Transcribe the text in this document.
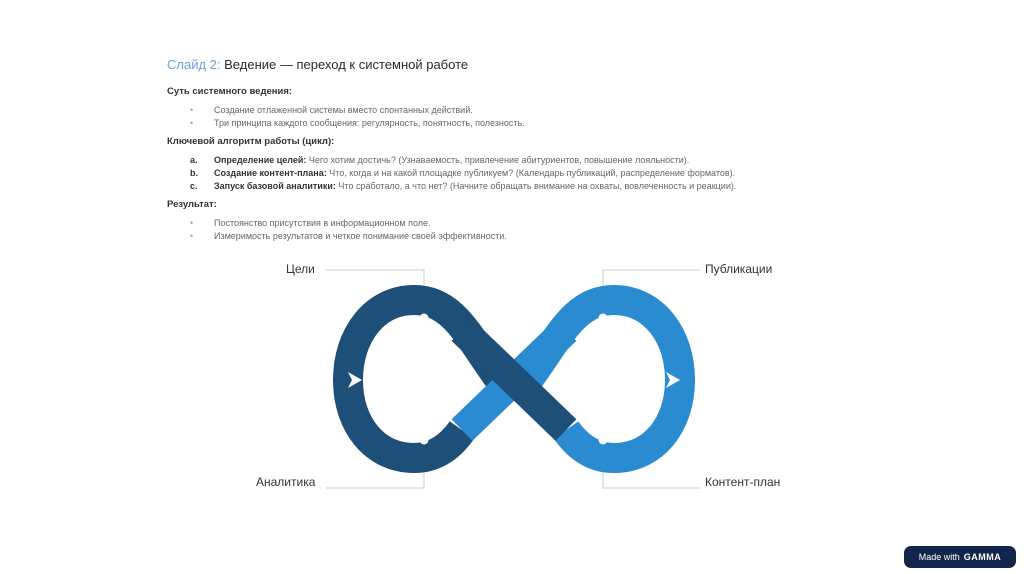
Слайд 2: Ведение — переход к системной работе
Суть системного ведения:
• Создание отлаженной системы вместо спонтанных действий.
• Три принципа каждого сообщения: регулярность, понятность, полезность.
Ключевой алгоритм работы (цикл):
a. Определение целей: Чего хотим достичь? (Узнаваемость, привлечение абитуриентов, повышение лояльности).
b. Создание контент-плана: Что, когда и на какой площадке публикуем? (Календарь публикаций, распределение форматов).
c. Запуск базовой аналитики: Что сработало, а что нет? (Начните обращать внимание на охваты, вовлеченность и реакции).
Результат:
• Постоянство присутствия в информационном поле.
• Измеримость результатов и четкое понимание своей эффективности.
Цели	Публикации
Аналитика	Контент-план
Made with GAMMA
